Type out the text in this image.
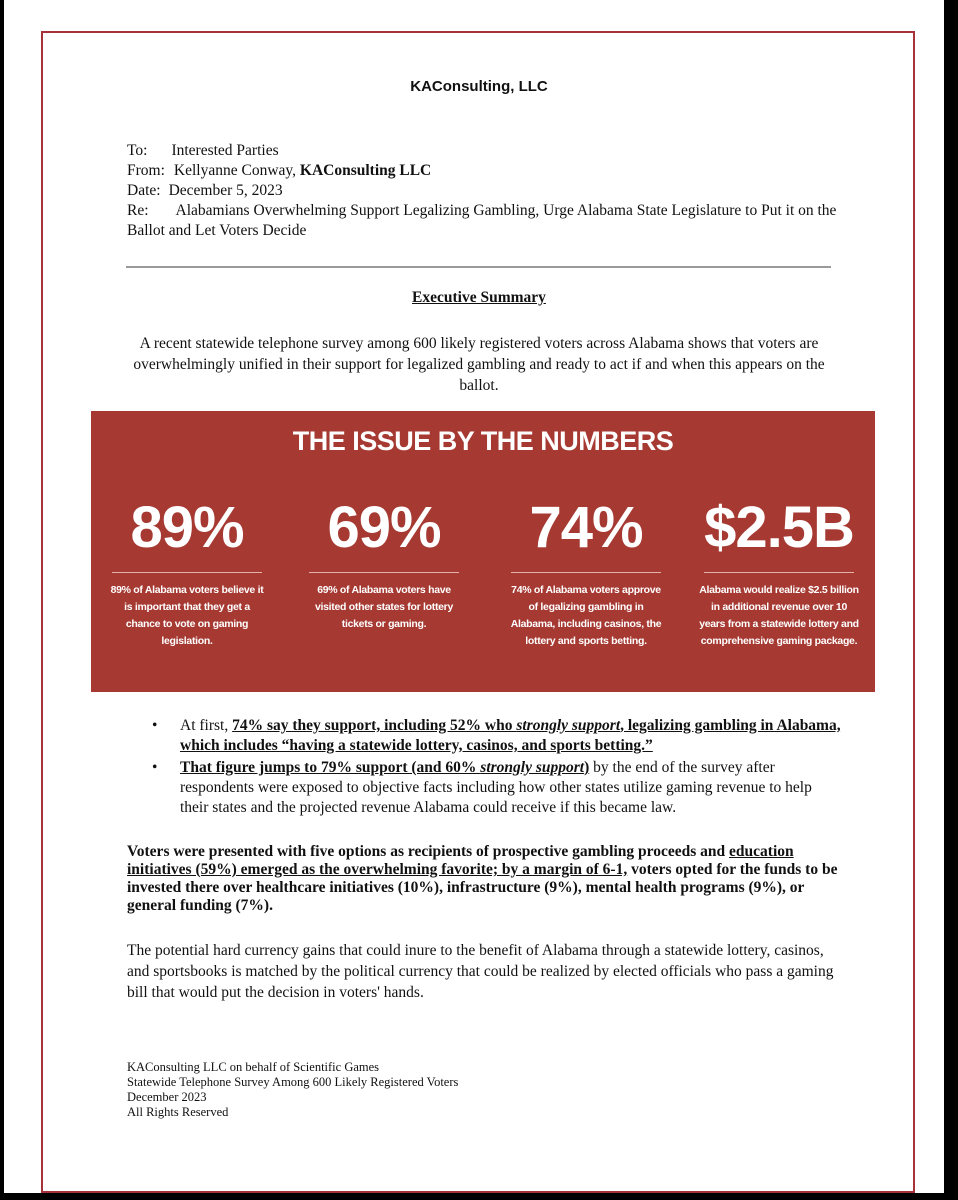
KAConsulting, LLC
To: Interested Parties
From: Kellyanne Conway, KAConsulting LLC
Date: December 5, 2023
Re: Alabamians Overwhelming Support Legalizing Gambling, Urge Alabama State Legislature to Put it on the Ballot and Let Voters Decide
Executive Summary
A recent statewide telephone survey among 600 likely registered voters across Alabama shows that voters are overwhelmingly unified in their support for legalized gambling and ready to act if and when this appears on the ballot.
THE ISSUE BY THE NUMBERS
89%
89% of Alabama voters believe it is important that they get a chance to vote on gaming legislation.
69%
69% of Alabama voters have visited other states for lottery tickets or gaming.
74%
74% of Alabama voters approve of legalizing gambling in Alabama, including casinos, the lottery and sports betting.
$2.5B
Alabama would realize $2.5 billion in additional revenue over 10 years from a statewide lottery and comprehensive gaming package.
• At first, 74% say they support, including 52% who strongly support, legalizing gambling in Alabama, which includes “having a statewide lottery, casinos, and sports betting.”
• That figure jumps to 79% support (and 60% strongly support) by the end of the survey after respondents were exposed to objective facts including how other states utilize gaming revenue to help their states and the projected revenue Alabama could receive if this became law.
Voters were presented with five options as recipients of prospective gambling proceeds and education initiatives (59%) emerged as the overwhelming favorite; by a margin of 6-1, voters opted for the funds to be invested there over healthcare initiatives (10%), infrastructure (9%), mental health programs (9%), or general funding (7%).
The potential hard currency gains that could inure to the benefit of Alabama through a statewide lottery, casinos, and sportsbooks is matched by the political currency that could be realized by elected officials who pass a gaming bill that would put the decision in voters' hands.
KAConsulting LLC on behalf of Scientific Games
Statewide Telephone Survey Among 600 Likely Registered Voters
December 2023
All Rights Reserved
